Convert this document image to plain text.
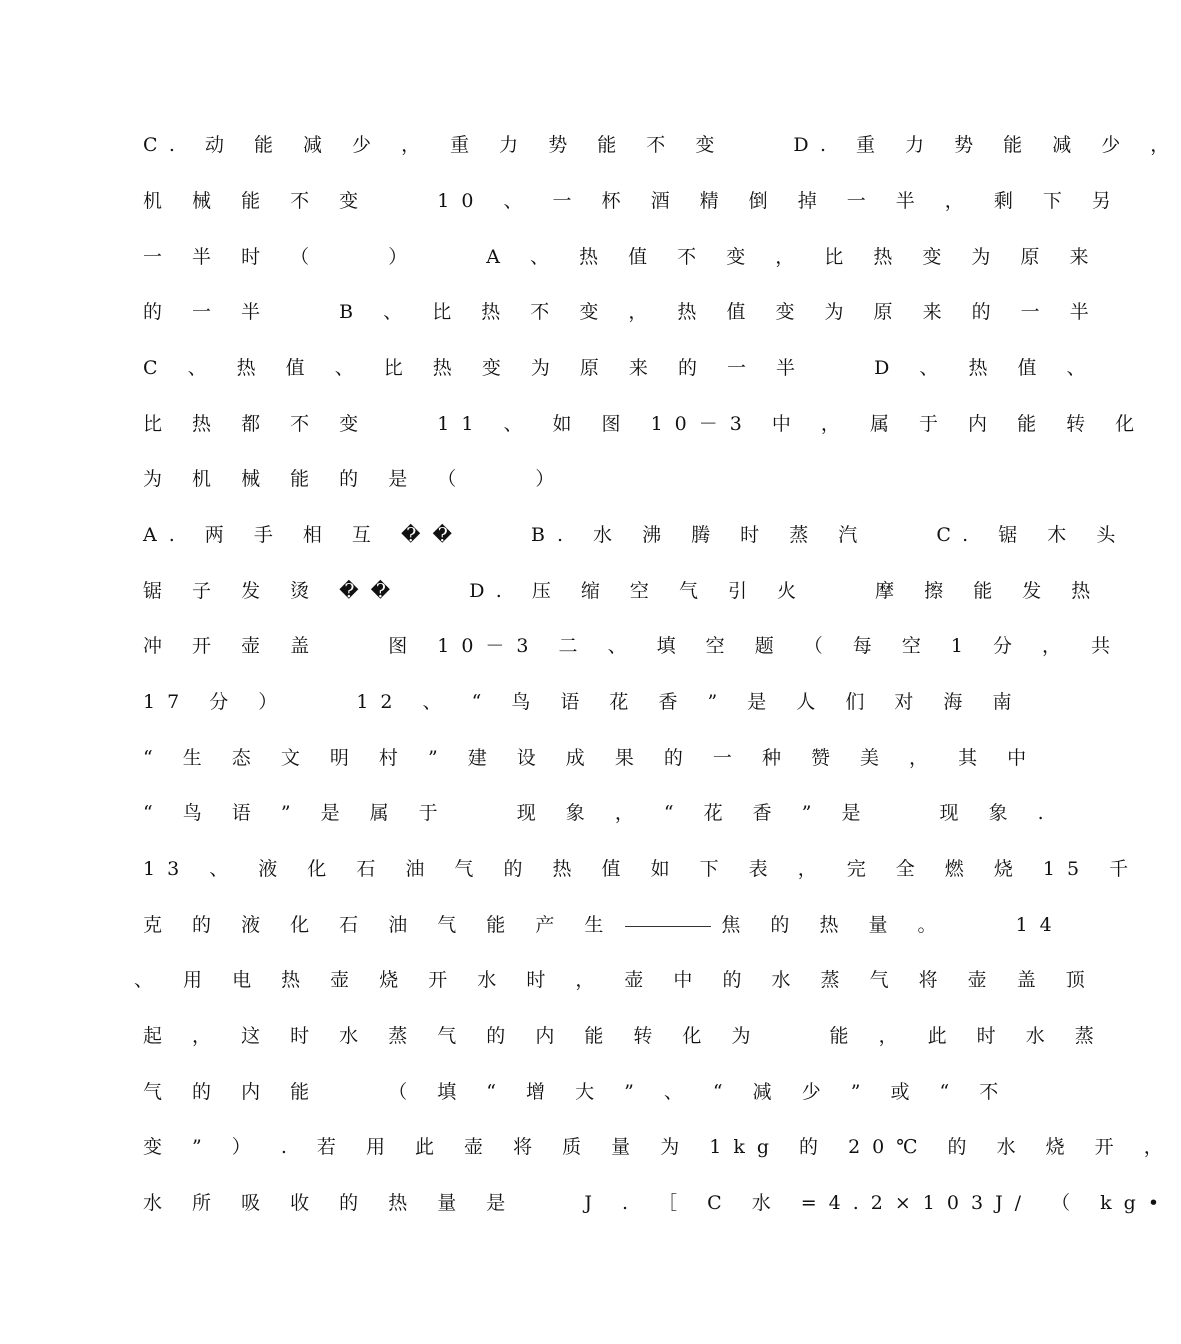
C. 动 能 减 少 ， 重 力 势 能 不 变 　 D. 重 力 势 能 减 少 ，
机 械 能 不 变 　 10 、 一 杯 酒 精 倒 掉 一 半 ， 剩 下 另
一 半 时 （ 　 ） 　 A 、 热 值 不 变 ， 比 热 变 为 原 来
的 一 半 　 B 、 比 热 不 变 ， 热 值 变 为 原 来 的 一 半
C 、 热 值 、 比 热 变 为 原 来 的 一 半 　 D 、 热 值 、
比 热 都 不 变 　 11 、 如 图 10－3 中 ， 属 于 内 能 转 化
为 机 械 能 的 是 （ 　 ）
A. 两 手 相 互 �� 　 B. 水 沸 腾 时 蒸 汽 　 C. 锯 木 头
锯 子 发 烫 �� 　 D. 压 缩 空 气 引 火 　 摩 擦 能 发 热
冲 开 壶 盖 　 图 10－3 二 、 填 空 题 （ 每 空 1 分 ， 共
17 分 ） 　 12 、 “ 鸟 语 花 香 ” 是 人 们 对 海 南
“ 生 态 文 明 村 ” 建 设 成 果 的 一 种 赞 美 ， 其 中
“ 鸟 语 ” 是 属 于 　 现 象 ， “ 花 香 ” 是 　 现 象 .
13 、 液 化 石 油 气 的 热 值 如 下 表 ， 完 全 燃 烧 15 千
克 的 液 化 石 油 气 能 产 生	焦 的 热 量 。 　 14
、 用 电 热 壶 烧 开 水 时 ， 壶 中 的 水 蒸 气 将 壶 盖 顶
起 ， 这 时 水 蒸 气 的 内 能 转 化 为 　 能 ， 此 时 水 蒸
气 的 内 能 　 （ 填 “ 增 大 ” 、 “ 减 少 ” 或 “ 不
变 ” ） . 若 用 此 壶 将 质 量 为 1kg 的 20℃ 的 水 烧 开 ，
水 所 吸 收 的 热 量 是 　 J . ［ C 水 =4.2×103J/ （ kg•
